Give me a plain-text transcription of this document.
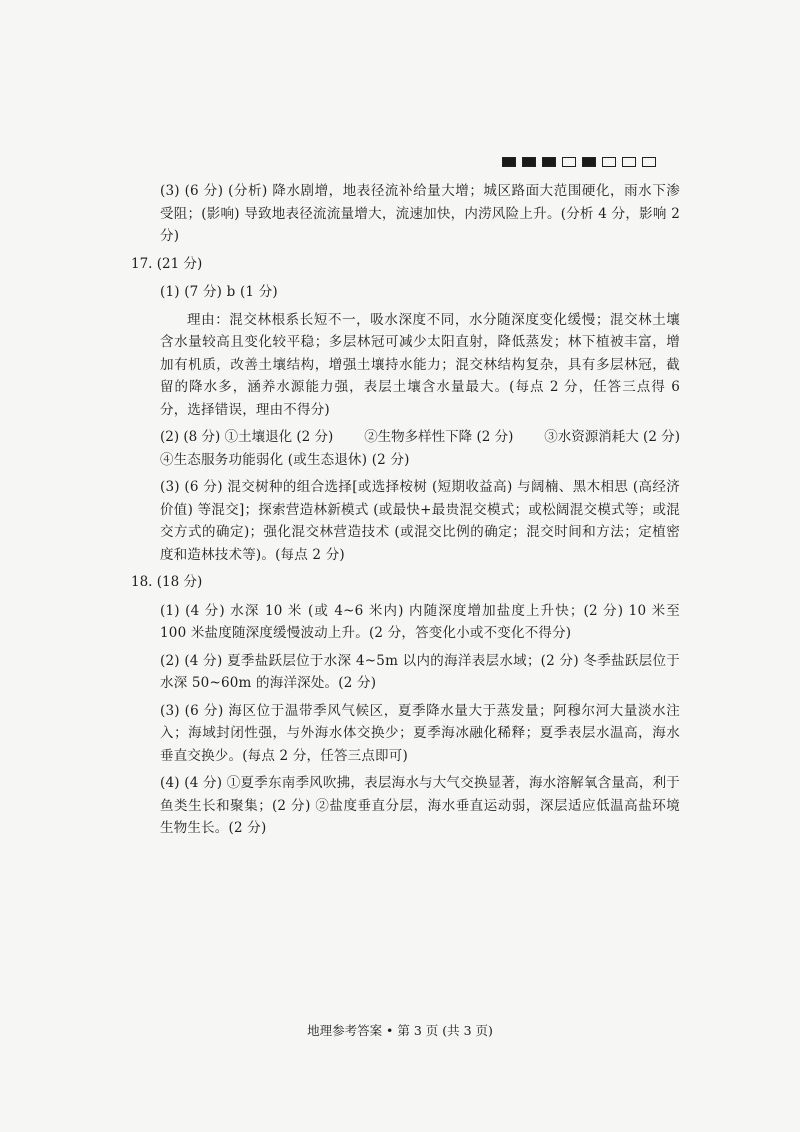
(3) (6 分) (分析) 降水剧增，地表径流补给量大增；城区路面大范围硬化，雨水下渗受阻；(影响) 导致地表径流流量增大，流速加快，内涝风险上升。(分析 4 分，影响 2 分)

17. (21 分)

(1) (7 分) b (1 分)

理由：混交林根系长短不一，吸水深度不同，水分随深度变化缓慢；混交林土壤含水量较高且变化较平稳；多层林冠可减少太阳直射，降低蒸发；林下植被丰富，增加有机质，改善土壤结构，增强土壤持水能力；混交林结构复杂，具有多层林冠，截留的降水多，涵养水源能力强，表层土壤含水量最大。(每点 2 分，任答三点得 6 分，选择错误，理由不得分)

(2) (8 分) ①土壤退化 (2 分) ②生物多样性下降 (2 分) ③水资源消耗大 (2 分)

④生态服务功能弱化 (或生态退休) (2 分)

(3) (6 分) 混交树种的组合选择[或选择桉树 (短期收益高) 与阔楠、黑木相思 (高经济价值) 等混交]；探索营造林新模式 (或最快+最贵混交模式；或松阔混交模式等；或混交方式的确定)；强化混交林营造技术 (或混交比例的确定；混交时间和方法；定植密度和造林技术等)。(每点 2 分)

18. (18 分)

(1) (4 分) 水深 10 米 (或 4~6 米内) 内随深度增加盐度上升快；(2 分) 10 米至 100 米盐度随深度缓慢波动上升。(2 分，答变化小或不变化不得分)

(2) (4 分) 夏季盐跃层位于水深 4~5m 以内的海洋表层水域；(2 分) 冬季盐跃层位于水深 50~60m 的海洋深处。(2 分)

(3) (6 分) 海区位于温带季风气候区，夏季降水量大于蒸发量；阿穆尔河大量淡水注入；海域封闭性强，与外海水体交换少；夏季海冰融化稀释；夏季表层水温高，海水垂直交换少。(每点 2 分，任答三点即可)

(4) (4 分) ①夏季东南季风吹拂，表层海水与大气交换显著，海水溶解氧含量高，利于鱼类生长和聚集；(2 分) ②盐度垂直分层，海水垂直运动弱，深层适应低温高盐环境生物生长。(2 分)

地理参考答案 • 第 3 页 (共 3 页)
